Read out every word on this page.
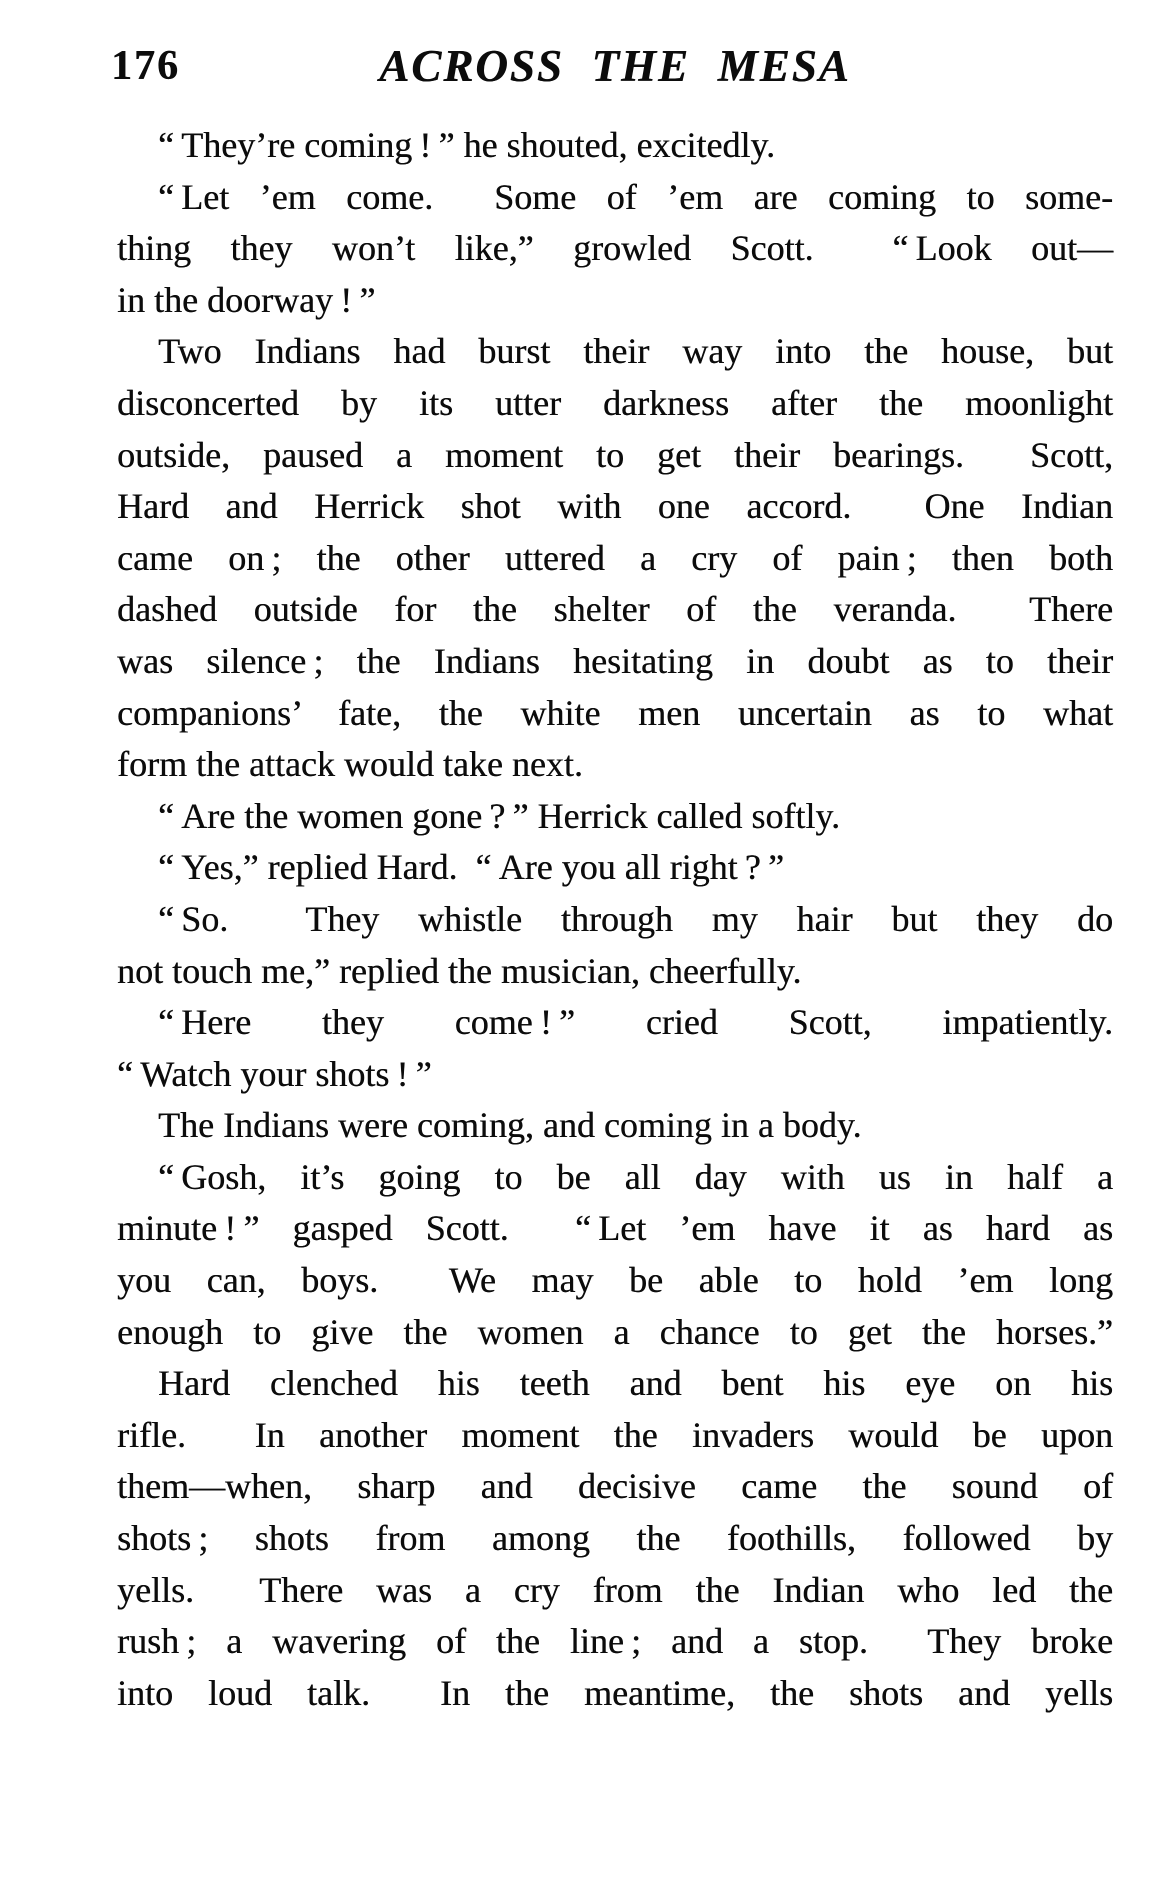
176	ACROSS THE MESA
“ They’re coming ! ” he shouted, excitedly.
“ Let ’em come.  Some of ’em are coming to some-
thing they won’t like,” growled Scott.  “ Look out—
in the doorway ! ”
Two Indians had burst their way into the house, but
disconcerted by its utter darkness after the moonlight
outside, paused a moment to get their bearings.  Scott,
Hard and Herrick shot with one accord.  One Indian
came on ; the other uttered a cry of pain ; then both
dashed outside for the shelter of the veranda.  There
was silence ; the Indians hesitating in doubt as to their
companions’ fate, the white men uncertain as to what
form the attack would take next.
“ Are the women gone ? ” Herrick called softly.
“ Yes,” replied Hard.  “ Are you all right ? ”
“ So.  They whistle through my hair but they do
not touch me,” replied the musician, cheerfully.
“ Here they come ! ” cried Scott, impatiently.
“ Watch your shots ! ”
The Indians were coming, and coming in a body.
“ Gosh, it’s going to be all day with us in half a
minute ! ” gasped Scott.  “ Let ’em have it as hard as
you can, boys.  We may be able to hold ’em long
enough to give the women a chance to get the horses.”
Hard clenched his teeth and bent his eye on his
rifle.  In another moment the invaders would be upon
them—when, sharp and decisive came the sound of
shots ; shots from among the foothills, followed by
yells.  There was a cry from the Indian who led the
rush ; a wavering of the line ; and a stop.  They broke
into loud talk.  In the meantime, the shots and yells
